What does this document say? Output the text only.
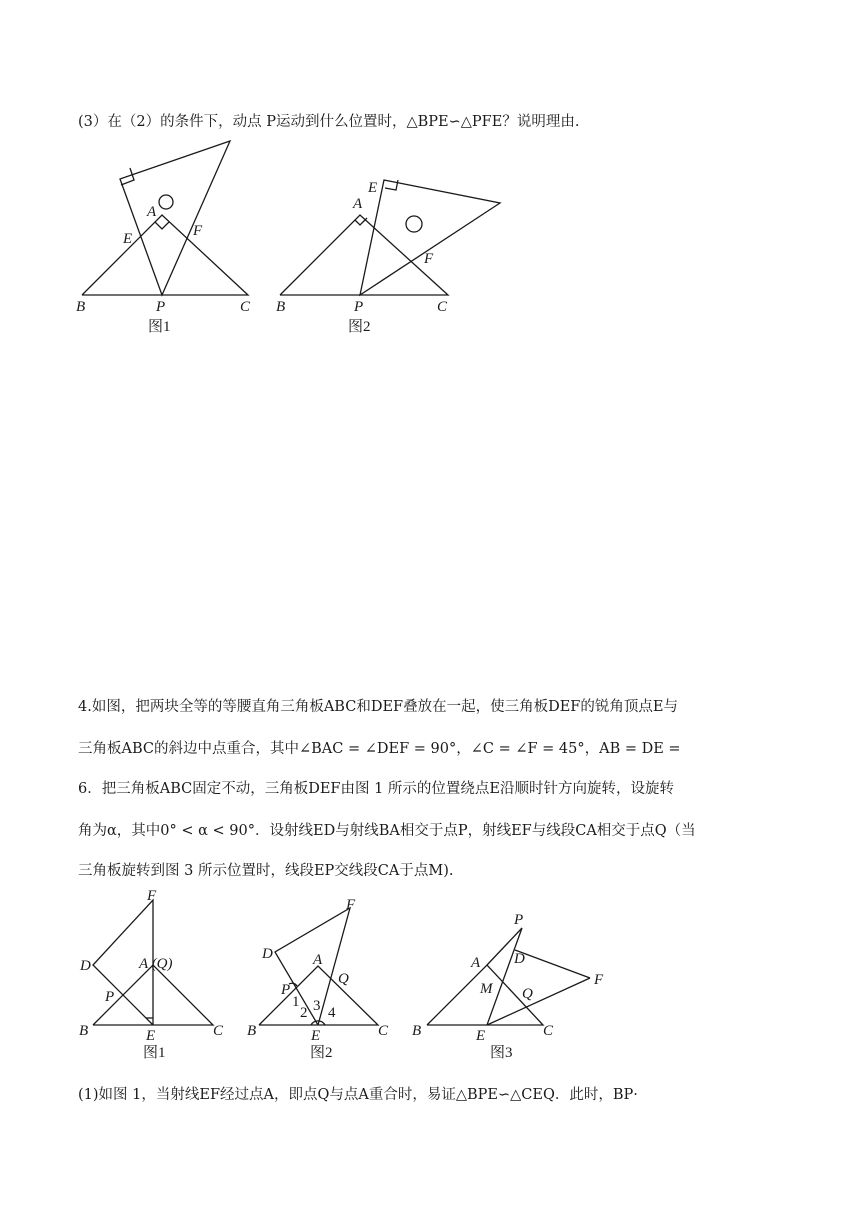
(3）在（2）的条件下，动点 P运动到什么位置时，△BPE∽△PFE？说明理由.
B	P	C
A
E	F
图1
B	P	C
A
E
F
图2
4.如图，把两块全等的等腰直角三角板ABC和DEF叠放在一起，使三角板DEF的锐角顶点E与
三角板ABC的斜边中点重合，其中∠BAC = ∠DEF = 90°，∠C = ∠F = 45°，AB = DE =
6．把三角板ABC固定不动，三角板DEF由图 1 所示的位置绕点E沿顺时针方向旋转，设旋转
角为α，其中0° < α < 90°．设射线ED与射线BA相交于点P，射线EF与线段CA相交于点Q（当
三角板旋转到图 3 所示位置时，线段EP交线段CA于点M).
F
D	A (Q)
P
B	E	C
图1
F
D	A
Q
P
1
2 3 4
B	E	C
图2
P
A D
M Q
F
B	E	C
图3
(1)如图 1，当射线EF经过点A，即点Q与点A重合时，易证△BPE∽△CEQ．此时，BP·
